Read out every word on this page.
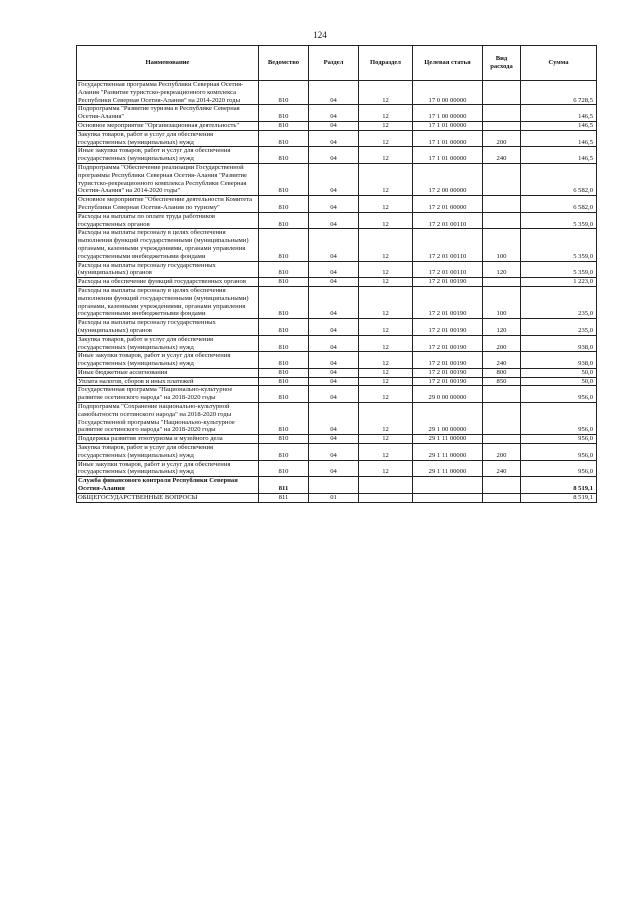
124
Наименование	Ведомство	Раздел	Подраздел	Целевая статья	Вид расхода	Сумма
Государственная программа Республики Северная Осетия-Алания "Развитие туристско-рекреационного комплекса Республики Северная Осетия-Алания" на 2014-2020 годы	810	04	12	17 0 00 00000		6 728,5
Подпрограмма "Развитие туризма в Республике Северная Осетия-Алания"	810	04	12	17 1 00 00000		146,5
Основное мероприятие "Организационная деятельность"	810	04	12	17 1 01 00000		146,5
Закупка товаров, работ и услуг для обеспечения государственных (муниципальных) нужд	810	04	12	17 1 01 00000	200	146,5
Иные закупки товаров, работ и услуг для обеспечения государственных (муниципальных) нужд	810	04	12	17 1 01 00000	240	146,5
Подпрограмма "Обеспечение реализации Государственной программы Республики Северная Осетия-Алания "Развитие туристско-рекреационного комплекса Республики Северная Осетия-Алания" на 2014-2020 годы"	810	04	12	17 2 00 00000		6 582,0
Основное мероприятие "Обеспечение деятельности Комитета Республики Северная Осетия-Алания по туризму"	810	04	12	17 2 01 00000		6 582,0
Расходы на выплаты по оплате труда работников государственных органов	810	04	12	17 2 01 00110		5 359,0
Расходы на выплаты персоналу в целях обеспечения выполнения функций государственными (муниципальными) органами, казенными учреждениями, органами управления государственными внебюджетными фондами	810	04	12	17 2 01 00110	100	5 359,0
Расходы на выплаты персоналу государственных (муниципальных) органов	810	04	12	17 2 01 00110	120	5 359,0
Расходы на обеспечение функций государственных органов	810	04	12	17 2 01 00190		1 223,0
Расходы на выплаты персоналу в целях обеспечения выполнения функций государственными (муниципальными) органами, казенными учреждениями, органами управления государственными внебюджетными фондами	810	04	12	17 2 01 00190	100	235,0
Расходы на выплаты персоналу государственных (муниципальных) органов	810	04	12	17 2 01 00190	120	235,0
Закупка товаров, работ и услуг для обеспечения государственных (муниципальных) нужд	810	04	12	17 2 01 00190	200	938,0
Иные закупки товаров, работ и услуг для обеспечения государственных (муниципальных) нужд	810	04	12	17 2 01 00190	240	938,0
Иные бюджетные ассигнования	810	04	12	17 2 01 00190	800	50,0
Уплата налогов, сборов и иных платежей	810	04	12	17 2 01 00190	850	50,0
Государственная программа "Национально-культурное развитие осетинского народа" на 2018-2020 годы	810	04	12	29 0 00 00000		956,0
Подпрограмма "Сохранение национально-культурной самобытности осетинского народа" на 2018-2020 годы Государственной программы "Национально-культурное развитие осетинского народа" на 2018-2020 годы	810	04	12	29 1 00 00000		956,0
Поддержка развития этнотуризма и музейного дела	810	04	12	29 1 11 00000		956,0
Закупка товаров, работ и услуг для обеспечения государственных (муниципальных) нужд	810	04	12	29 1 11 00000	200	956,0
Иные закупки товаров, работ и услуг для обеспечения государственных (муниципальных) нужд	810	04	12	29 1 11 00000	240	956,0
Служба финансового контроля Республики Северная Осетия-Алания	811					8 519,1
ОБЩЕГОСУДАРСТВЕННЫЕ ВОПРОСЫ	811	01				8 519,1
